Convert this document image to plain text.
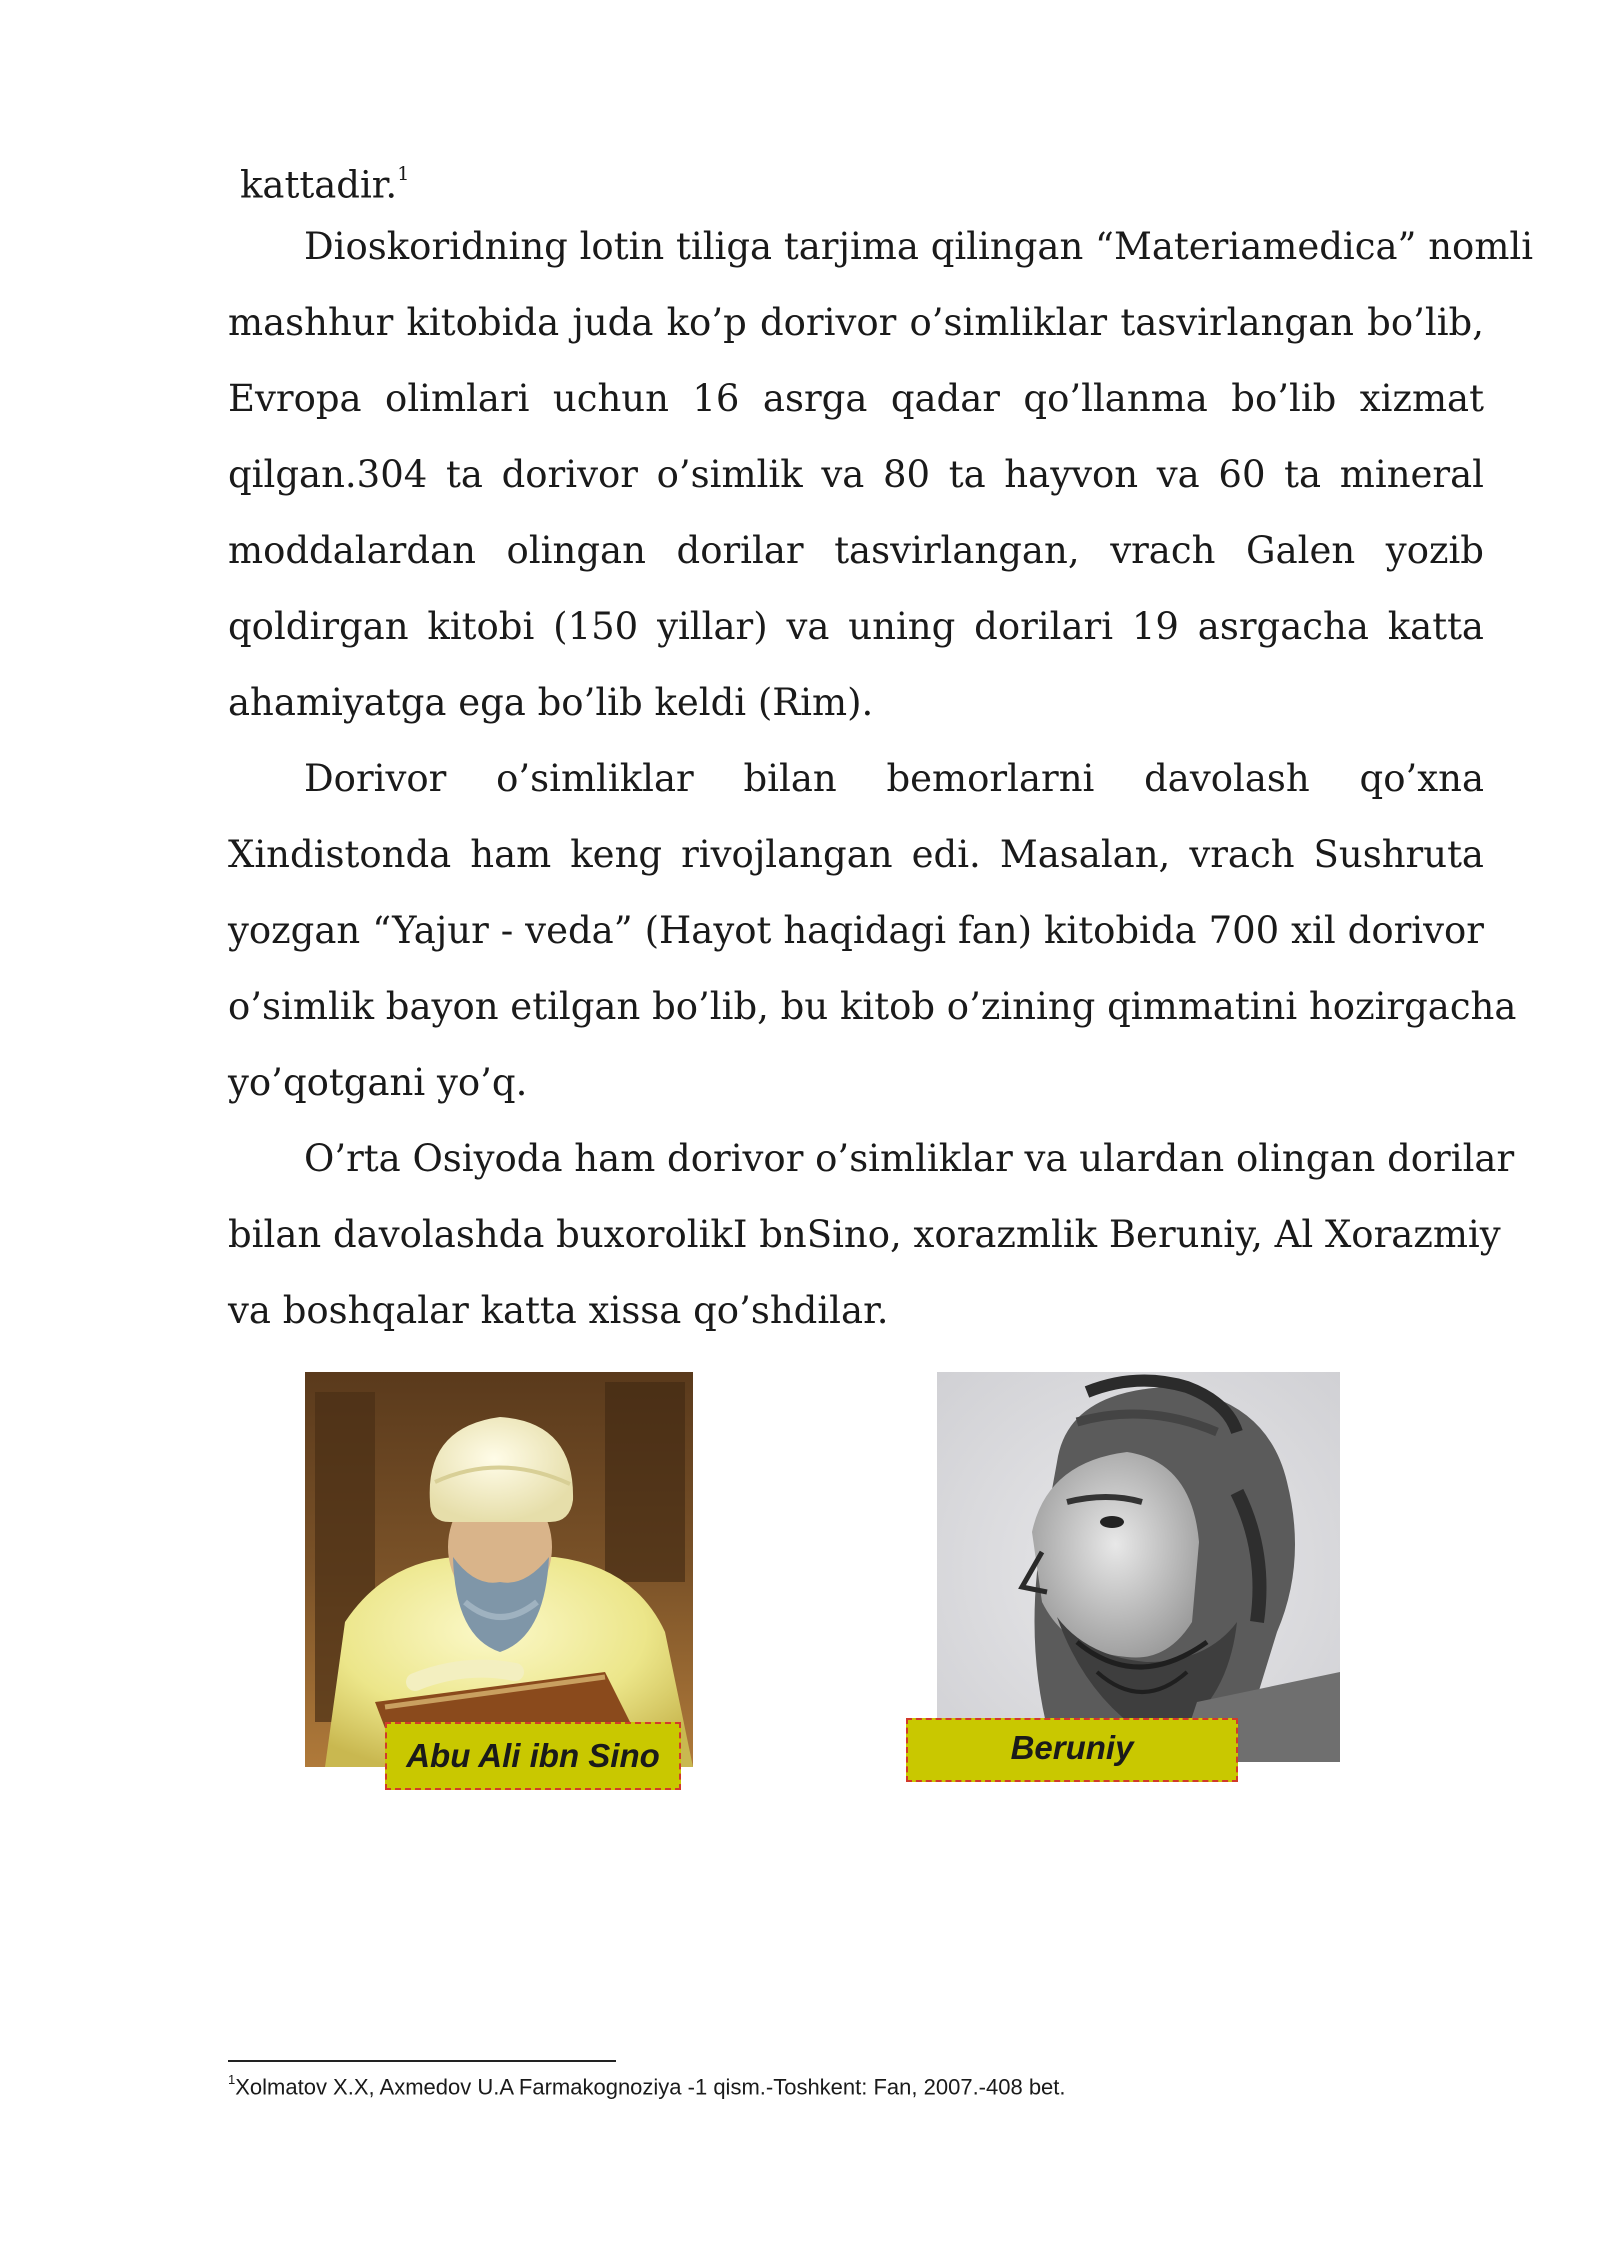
kattadir.$^1$
Dioskoridning lotin tiliga tarjima qilingan “Materiamedica” nomli
mashhur kitobida juda ko’p dorivor o’simliklar tasvirlangan bo’lib,
Evropa olimlari uchun 16 asrga qadar qo’llanma bo’lib xizmat
qilgan.304 ta dorivor o’simlik va 80 ta hayvon va 60 ta mineral
moddalardan olingan dorilar tasvirlangan, vrach Galen yozib
qoldirgan kitobi (150 yillar) va uning dorilari 19 asrgacha katta
ahamiyatga ega bo’lib keldi (Rim).
Dorivor o’simliklar bilan bemorlarni davolash qo’xna
Xindistonda ham keng rivojlangan edi. Masalan, vrach Sushruta
yozgan “Yajur - veda” (Hayot haqidagi fan) kitobida 700 xil dorivor
o’simlik bayon etilgan bo’lib, bu kitob o’zining qimmatini hozirgacha
yo’qotgani yo’q.
O’rta Osiyoda ham dorivor o’simliklar va ulardan olingan dorilar
bilan davolashda buxorolikI bnSino, xorazmlik Beruniy, Al Xorazmiy
va boshqalar katta xissa qo’shdilar.
Abu Ali ibn Sino	Beruniy
$^1$Xolmatov X.X, Axmedov U.A Farmakognoziya -1 qism.-Toshkent: Fan, 2007.-408 bet.
